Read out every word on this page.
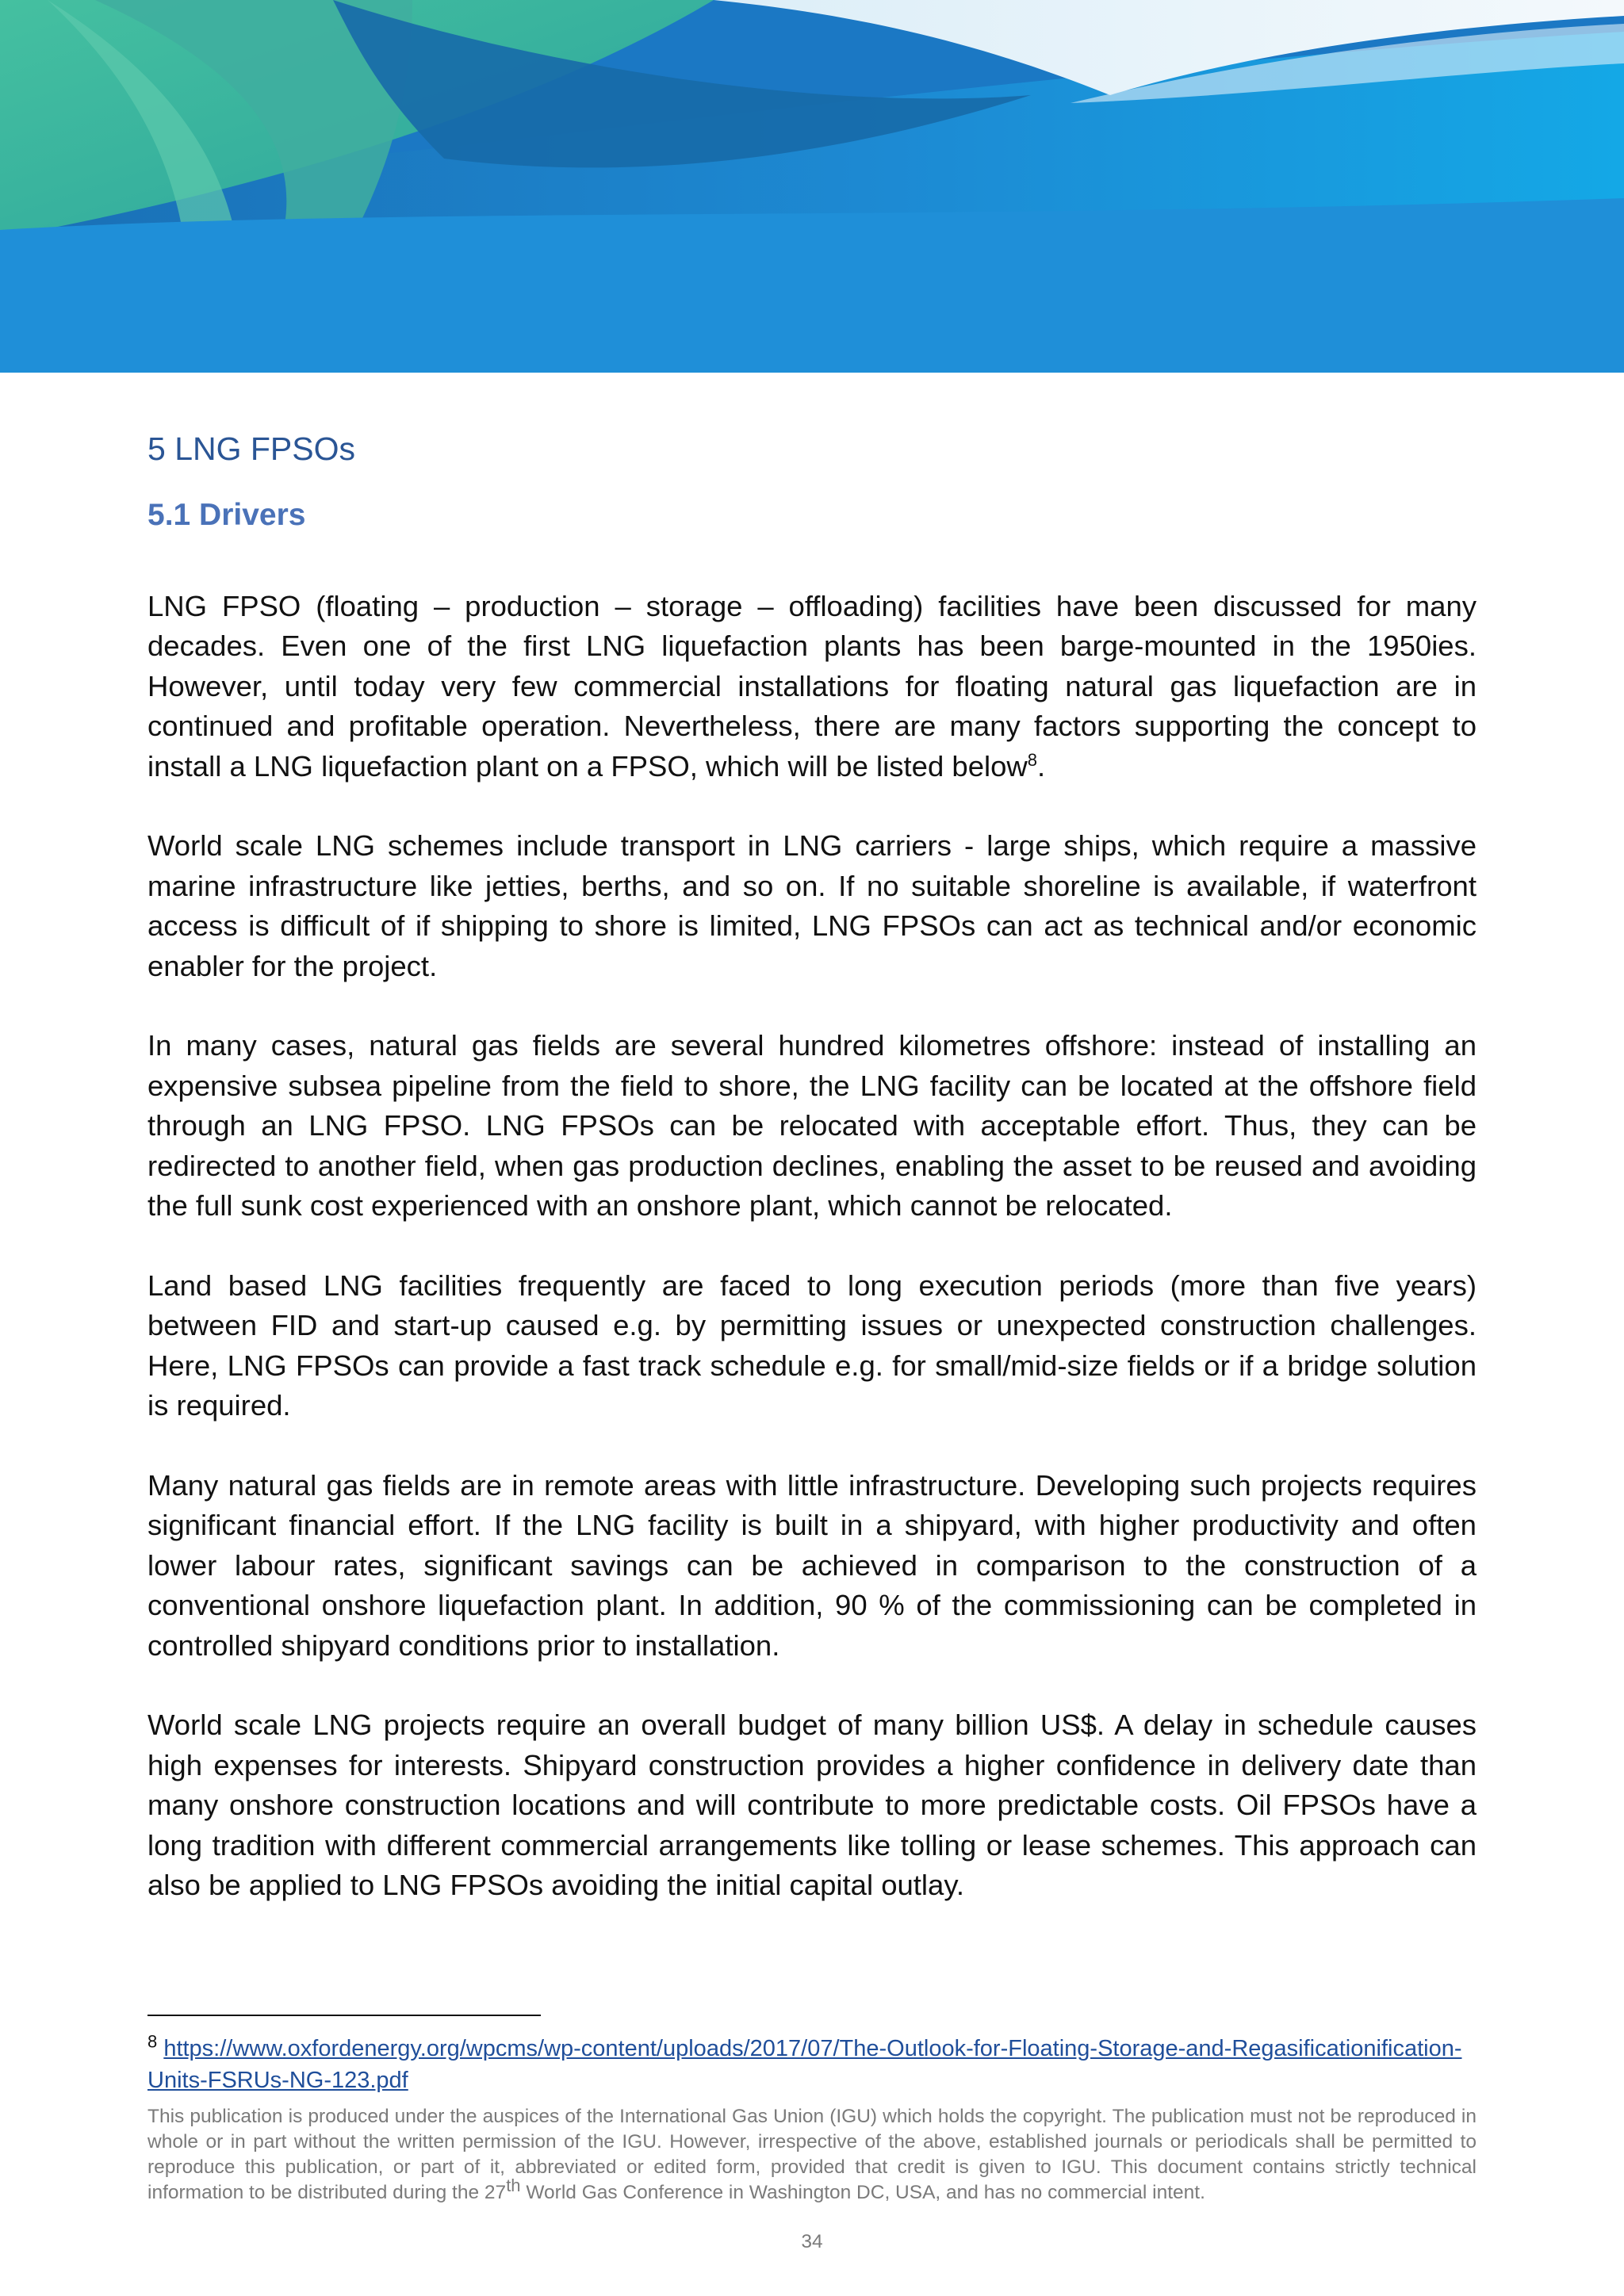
5 LNG FPSOs
5.1 Drivers

LNG FPSO (floating – production – storage – offloading) facilities have been discussed for many decades. Even one of the first LNG liquefaction plants has been barge-mounted in the 1950ies. However, until today very few commercial installations for floating natural gas liquefaction are in continued and profitable operation. Nevertheless, there are many factors supporting the concept to install a LNG liquefaction plant on a FPSO, which will be listed below$^8$.

World scale LNG schemes include transport in LNG carriers - large ships, which require a massive marine infrastructure like jetties, berths, and so on. If no suitable shoreline is available, if waterfront access is difficult of if shipping to shore is limited, LNG FPSOs can act as technical and/or economic enabler for the project.

In many cases, natural gas fields are several hundred kilometres offshore: instead of installing an expensive subsea pipeline from the field to shore, the LNG facility can be located at the offshore field through an LNG FPSO. LNG FPSOs can be relocated with acceptable effort. Thus, they can be redirected to another field, when gas production declines, enabling the asset to be reused and avoiding the full sunk cost experienced with an onshore plant, which cannot be relocated.

Land based LNG facilities frequently are faced to long execution periods (more than five years) between FID and start-up caused e.g. by permitting issues or unexpected construction challenges. Here, LNG FPSOs can provide a fast track schedule e.g. for small/mid-size fields or if a bridge solution is required.

Many natural gas fields are in remote areas with little infrastructure. Developing such projects requires significant financial effort. If the LNG facility is built in a shipyard, with higher productivity and often lower labour rates, significant savings can be achieved in comparison to the construction of a conventional onshore liquefaction plant. In addition, 90 % of the commissioning can be completed in controlled shipyard conditions prior to installation.

World scale LNG projects require an overall budget of many billion US$. A delay in schedule causes high expenses for interests. Shipyard construction provides a higher confidence in delivery date than many onshore construction locations and will contribute to more predictable costs. Oil FPSOs have a long tradition with different commercial arrangements like tolling or lease schemes. This approach can also be applied to LNG FPSOs avoiding the initial capital outlay.

$^8$ https://www.oxfordenergy.org/wpcms/wp-content/uploads/2017/07/The-Outlook-for-Floating-Storage-and-Regasificationification-Units-FSRUs-NG-123.pdf
This publication is produced under the auspices of the International Gas Union (IGU) which holds the copyright. The publication must not be reproduced in whole or in part without the written permission of the IGU. However, irrespective of the above, established journals or periodicals shall be permitted to reproduce this publication, or part of it, abbreviated or edited form, provided that credit is given to IGU. This document contains strictly technical information to be distributed during the 27th World Gas Conference in Washington DC, USA, and has no commercial intent.
34
